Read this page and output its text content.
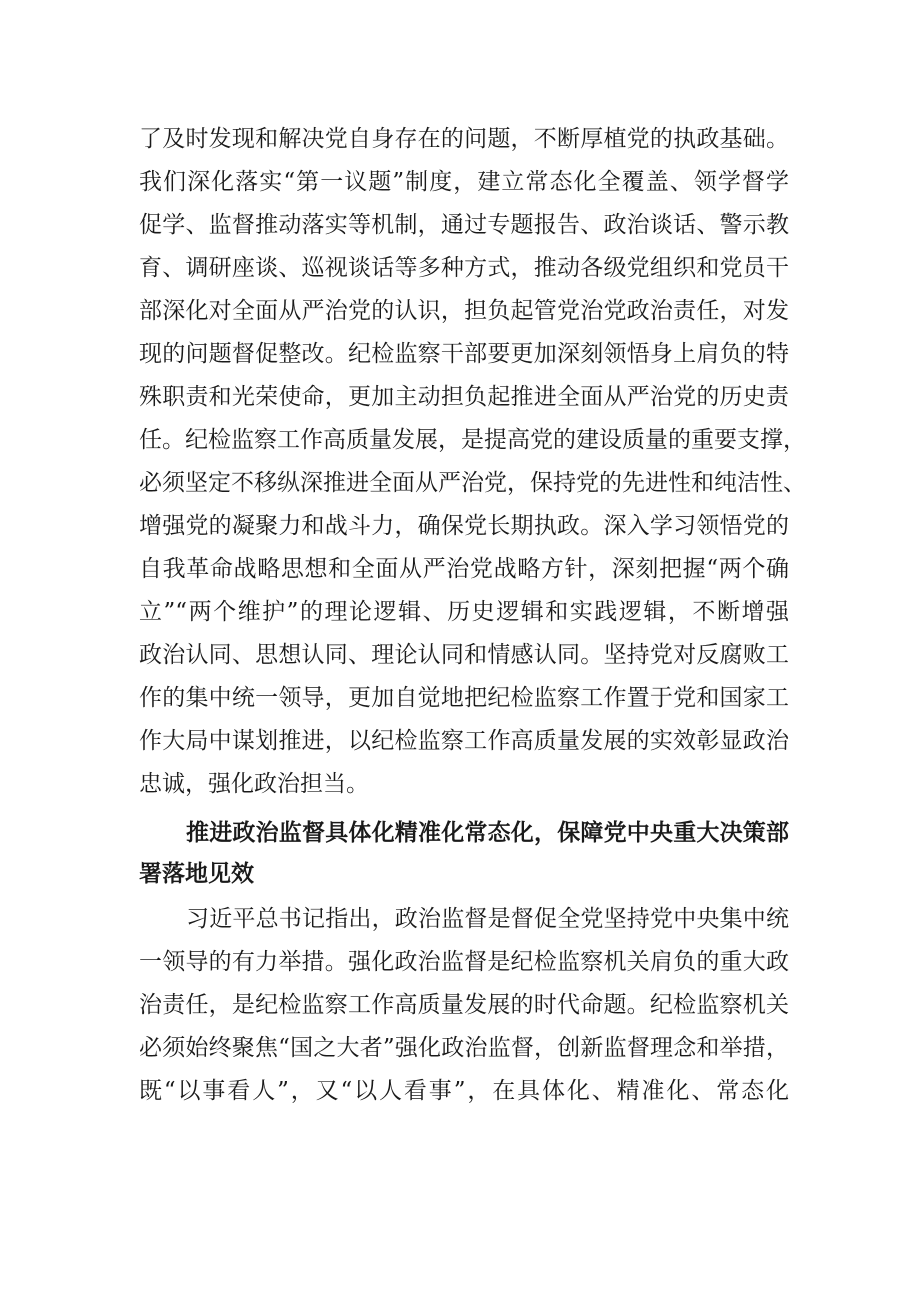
了及时发现和解决党自身存在的问题，不断厚植党的执政基础。
我们深化落实“第一议题”制度，建立常态化全覆盖、领学督学
促学、监督推动落实等机制，通过专题报告、政治谈话、警示教
育、调研座谈、巡视谈话等多种方式，推动各级党组织和党员干
部深化对全面从严治党的认识，担负起管党治党政治责任，对发
现的问题督促整改。纪检监察干部要更加深刻领悟身上肩负的特
殊职责和光荣使命，更加主动担负起推进全面从严治党的历史责
任。纪检监察工作高质量发展，是提高党的建设质量的重要支撑，
必须坚定不移纵深推进全面从严治党，保持党的先进性和纯洁性、
增强党的凝聚力和战斗力，确保党长期执政。深入学习领悟党的
自我革命战略思想和全面从严治党战略方针，深刻把握“两个确
立”“两个维护”的理论逻辑、历史逻辑和实践逻辑，不断增强
政治认同、思想认同、理论认同和情感认同。坚持党对反腐败工
作的集中统一领导，更加自觉地把纪检监察工作置于党和国家工
作大局中谋划推进，以纪检监察工作高质量发展的实效彰显政治
忠诚，强化政治担当。
推进政治监督具体化精准化常态化，保障党中央重大决策部
署落地见效
习近平总书记指出，政治监督是督促全党坚持党中央集中统
一领导的有力举措。强化政治监督是纪检监察机关肩负的重大政
治责任，是纪检监察工作高质量发展的时代命题。纪检监察机关
必须始终聚焦“国之大者”强化政治监督，创新监督理念和举措，
既“以事看人”，又“以人看事”，在具体化、精准化、常态化
